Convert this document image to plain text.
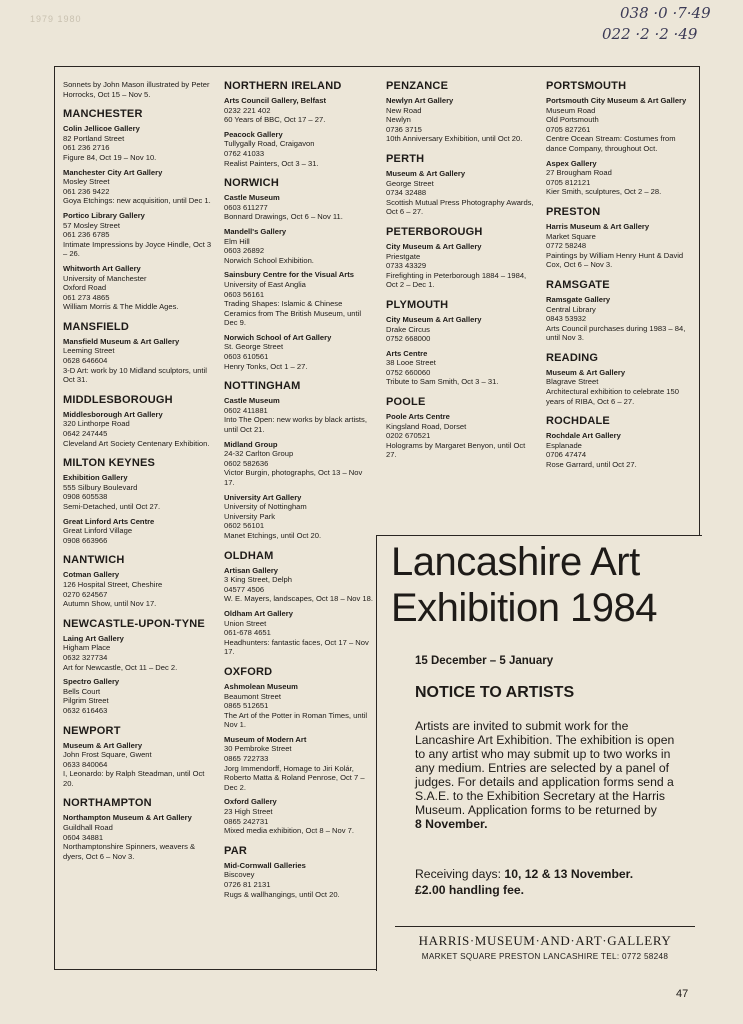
1979 1980	038 ·0 ·7·49
022 ·2 ·2 ·49
Sonnets by John Mason illustrated by Peter Horrocks, Oct 15 – Nov 5.
MANCHESTER
Colin Jellicoe Gallery
82 Portland Street
061 236 2716
Figure 84, Oct 19 – Nov 10.
Manchester City Art Gallery
Mosley Street
061 236 9422
Goya Etchings: new acquisition, until Dec 1.
Portico Library Gallery
57 Mosley Street
061 236 6785
Intimate Impressions by Joyce Hindle, Oct 3 – 26.
Whitworth Art Gallery
University of Manchester
Oxford Road
061 273 4865
William Morris & The Middle Ages.
MANSFIELD
Mansfield Museum & Art Gallery
Leeming Street
0628 646604
3-D Art: work by 10 Midland sculptors, until Oct 31.
MIDDLESBOROUGH
Middlesborough Art Gallery
320 Linthorpe Road
0642 247445
Cleveland Art Society Centenary Exhibition.
MILTON KEYNES
Exhibition Gallery
555 Silbury Boulevard
0908 605538
Semi-Detached, until Oct 27.
Great Linford Arts Centre
Great Linford Village
0908 663966
NANTWICH
Cotman Gallery
126 Hospital Street, Cheshire
0270 624567
Autumn Show, until Nov 17.
NEWCASTLE-UPON-TYNE
Laing Art Gallery
Higham Place
0632 327734
Art for Newcastle, Oct 11 – Dec 2.
Spectro Gallery
Bells Court
Pilgrim Street
0632 616463
NEWPORT
Museum & Art Gallery
John Frost Square, Gwent
0633 840064
I, Leonardo: by Ralph Steadman, until Oct 20.
NORTHAMPTON
Northampton Museum & Art Gallery
Guildhall Road
0604 34881
Northamptonshire Spinners, weavers & dyers, Oct 6 – Nov 3.
NORTHERN IRELAND
Arts Council Gallery, Belfast
0232 221 402
60 Years of BBC, Oct 17 – 27.
Peacock Gallery
Tullygally Road, Craigavon
0762 41033
Realist Painters, Oct 3 – 31.
NORWICH
Castle Museum
0603 611277
Bonnard Drawings, Oct 6 – Nov 11.
Mandell's Gallery
Elm Hill
0603 26892
Norwich School Exhibition.
Sainsbury Centre for the Visual Arts
University of East Anglia
0603 56161
Trading Shapes: Islamic & Chinese Ceramics from The British Museum, until Dec 9.
Norwich School of Art Gallery
St. George Street
0603 610561
Henry Tonks, Oct 1 – 27.
NOTTINGHAM
Castle Museum
0602 411881
Into The Open: new works by black artists, until Oct 21.
Midland Group
24-32 Carlton Group
0602 582636
Victor Burgin, photographs, Oct 13 – Nov 17.
University Art Gallery
University of Nottingham
University Park
0602 56101
Manet Etchings, until Oct 20.
OLDHAM
Artisan Gallery
3 King Street, Delph
04577 4506
W. E. Mayers, landscapes, Oct 18 – Nov 18.
Oldham Art Gallery
Union Street
061-678 4651
Headhunters: fantastic faces, Oct 17 – Nov 17.
OXFORD
Ashmolean Museum
Beaumont Street
0865 512651
The Art of the Potter in Roman Times, until Nov 1.
Museum of Modern Art
30 Pembroke Street
0865 722733
Jorg Immendorff, Homage to Jiri Kolár, Roberto Matta & Roland Penrose, Oct 7 – Dec 2.
Oxford Gallery
23 High Street
0865 242731
Mixed media exhibition, Oct 8 – Nov 7.
PAR
Mid-Cornwall Galleries
Biscovey
0726 81 2131
Rugs & wallhangings, until Oct 20.
PENZANCE
Newlyn Art Gallery
New Road
Newlyn
0736 3715
10th Anniversary Exhibition, until Oct 20.
PERTH
Museum & Art Gallery
George Street
0734 32488
Scottish Mutual Press Photography Awards, Oct 6 – 27.
PETERBOROUGH
City Museum & Art Gallery
Priestgate
0733 43329
Firefighting in Peterborough 1884 – 1984, Oct 2 – Dec 1.
PLYMOUTH
City Museum & Art Gallery
Drake Circus
0752 668000
Arts Centre
38 Looe Street
0752 660060
Tribute to Sam Smith, Oct 3 – 31.
POOLE
Poole Arts Centre
Kingsland Road, Dorset
0202 670521
Holograms by Margaret Benyon, until Oct 27.
PORTSMOUTH
Portsmouth City Museum & Art Gallery
Museum Road
Old Portsmouth
0705 827261
Centre Ocean Stream: Costumes from dance Company, throughout Oct.
Aspex Gallery
27 Brougham Road
0705 812121
Kier Smith, sculptures, Oct 2 – 28.
PRESTON
Harris Museum & Art Gallery
Market Square
0772 58248
Paintings by William Henry Hunt & David Cox, Oct 6 – Nov 3.
RAMSGATE
Ramsgate Gallery
Central Library
0843 53932
Arts Council purchases during 1983 – 84, until Nov 3.
READING
Museum & Art Gallery
Blagrave Street
Architectural exhibition to celebrate 150 years of RIBA, Oct 6 – 27.
ROCHDALE
Rochdale Art Gallery
Esplanade
0706 47474
Rose Garrard, until Oct 27.
Lancashire Art
Exhibition 1984
15 December – 5 January
NOTICE TO ARTISTS
Artists are invited to submit work for the Lancashire Art Exhibition. The exhibition is open to any artist who may submit up to two works in any medium. Entries are selected by a panel of judges. For details and application forms send a S.A.E. to the Exhibition Secretary at the Harris Museum. Application forms to be returned by
8 November.
Receiving days: 10, 12 & 13 November.
£2.00 handling fee.
HARRIS·MUSEUM·AND·ART·GALLERY
MARKET SQUARE PRESTON LANCASHIRE TEL: 0772 58248
47
